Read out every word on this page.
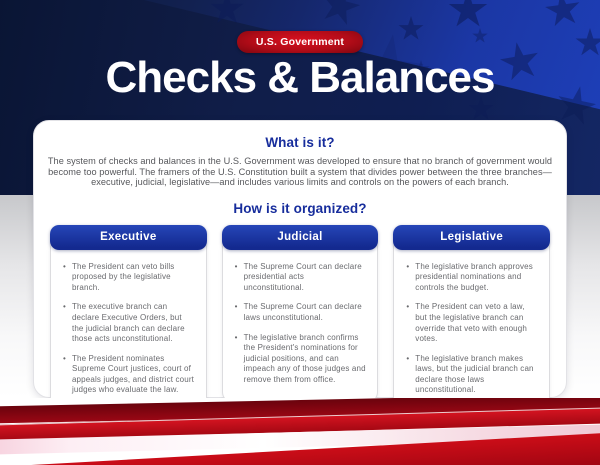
U.S. Government
Checks & Balances
What is it?

The system of checks and balances in the U.S. Government was developed to ensure that no branch of government would become too powerful. The framers of the U.S. Constitution built a system that divides power between the three branches—executive, judicial, legislative—and includes various limits and controls on the powers of each branch.

How is it organized?
Executive
• The President can veto bills proposed by the legislative branch.
• The executive branch can declare Executive Orders, but the judicial branch can declare those acts unconstitutional.
• The President nominates Supreme Court justices, court of appeals judges, and district court judges who evaluate the law.
Judicial
• The Supreme Court can declare presidential acts unconstitutional.
• The Supreme Court can declare laws unconstitutional.
• The legislative branch confirms the President's nominations for judicial positions, and can impeach any of those judges and remove them from office.
Legislative
• The legislative branch approves presidential nominations and controls the budget.
• The President can veto a law, but the legislative branch can override that veto with enough votes.
• The legislative branch makes laws, but the judicial branch can declare those laws unconstitutional.
